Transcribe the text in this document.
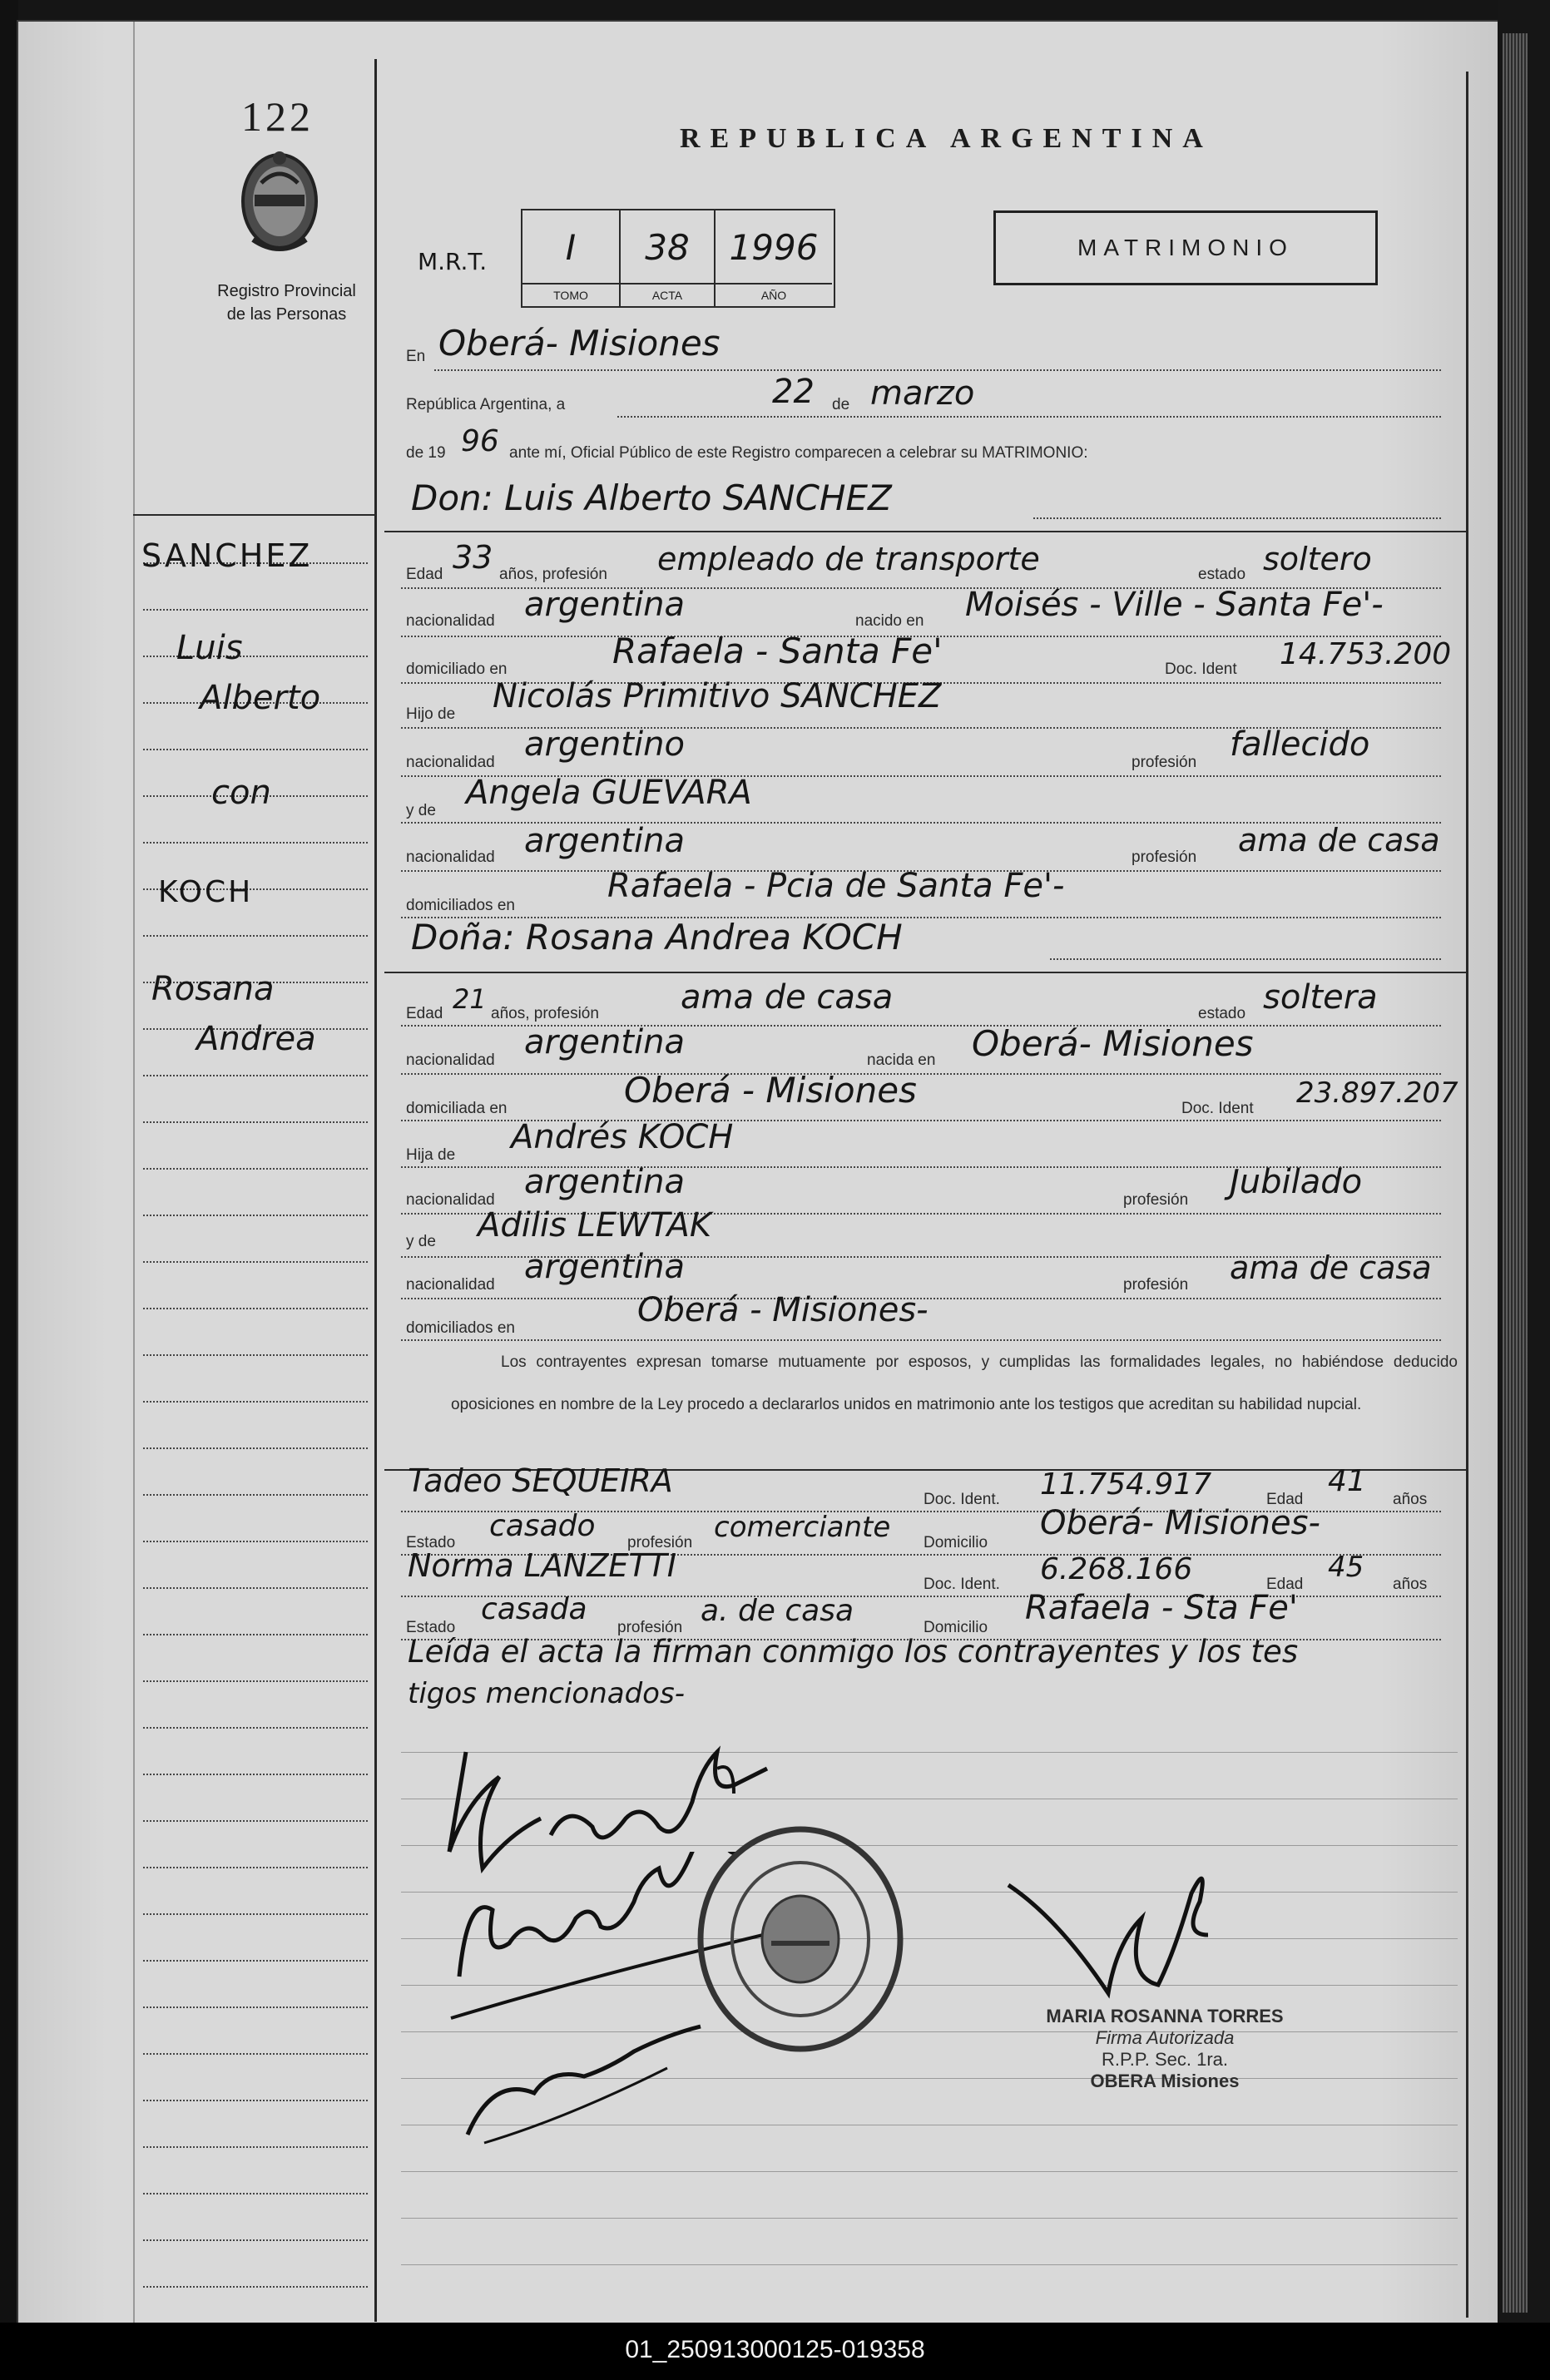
122
Registro Provincial
de las Personas
REPUBLICA ARGENTINA
MATRIMONIO
M.R.T.	I
TOMO
38
ACTA
1996
AÑO
En Oberá- Misiones
República Argentina, a	22 de marzo
de 19 96 ante mí, Oficial Público de este Registro comparecen a celebrar su MATRIMONIO:
Don: Luis Alberto SANCHEZ
Edad 33 años, profesión empleado de transporte	estado soltero
nacionalidad argentina	nacido en Moisés - Ville - Santa Fe'-
domiciliado en	Rafaela - Santa Fe'	Doc. Ident 14.753.200
Hijo de Nicolás Primitivo SANCHEZ
nacionalidad argentino	profesión fallecido
y de Angela GUEVARA
nacionalidad argentina	profesión ama de casa
domiciliados en
Rafaela - Pcia de Santa Fe'-
Doña: Rosana Andrea KOCH
Edad 21 años, profesión ama de casa	estado soltera
nacionalidad argentina	nacida en Oberá- Misiones
domiciliada en	Oberá - Misiones	Doc. Ident 23.897.207
Hija de Andrés KOCH
nacionalidad argentina	profesión Jubilado
y de Adilis LEWTAK
nacionalidad argentina	profesión ama de casa
domiciliados en	Oberá - Misiones-
Los contrayentes expresan tomarse mutuamente por esposos, y cumplidas las formalidades legales, no habiéndose deducido oposiciones en nombre de la Ley procedo a declararlos unidos en matrimonio ante los testigos que acreditan su habilidad nupcial.
Tadeo SEQUEIRA
Doc. Ident. 11.754.917	Edad
41
años
Estado casado profesión comerciante Domicilio
Oberá- Misiones-
Norma LANZETTI
Doc. Ident. 6.268.166	Edad
45
años
Estado
casada
profesión a. de casa	Domicilio
Rafaela - Sta Fe'
Leída el acta la firman conmigo los contrayentes y los tes
tigos mencionados-
MARIA ROSANNA TORRES
Firma Autorizada
R.P.P. Sec. 1ra.
OBERA Misiones
SANCHEZ
Luis
Alberto
con
KOCH
Rosana
Andrea
01_250913000125-019358
